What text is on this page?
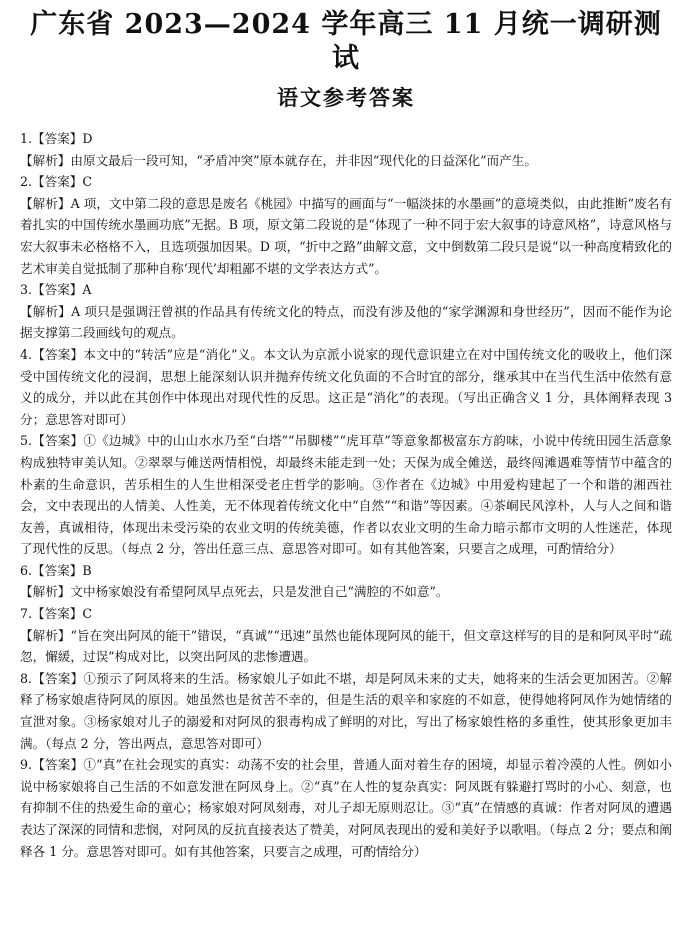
广东省 2023—2024 学年高三 11 月统一调研测试
语文参考答案

1.【答案】D

【解析】由原文最后一段可知，“矛盾冲突”原本就存在，并非因“现代化的日益深化”而产生。

2.【答案】C

【解析】A 项，文中第二段的意思是废名《桃园》中描写的画面与“一幅淡抹的水墨画”的意境类似，由此推断“废名有着扎实的中国传统水墨画功底”无据。B 项，原文第二段说的是“体现了一种不同于宏大叙事的诗意风格”，诗意风格与宏大叙事未必格格不入，且选项强加因果。D 项，“折中之路”曲解文意，文中倒数第二段只是说“以一种高度精致化的艺术审美自觉抵制了那种自称‘现代’却粗鄙不堪的文学表达方式”。

3.【答案】A

【解析】A 项只是强调汪曾祺的作品具有传统文化的特点，而没有涉及他的“家学渊源和身世经历”，因而不能作为论据支撑第二段画线句的观点。

4.【答案】本文中的“转活”应是“消化”义。本文认为京派小说家的现代意识建立在对中国传统文化的吸收上，他们深受中国传统文化的浸润，思想上能深刻认识并抛弃传统文化负面的不合时宜的部分，继承其中在当代生活中依然有意义的成分，并以此在其创作中体现出对现代性的反思。这正是“消化”的表现。（写出正确含义 1 分，具体阐释表现 3 分；意思答对即可）

5.【答案】①《边城》中的山山水水乃至“白塔”“吊脚楼”“虎耳草”等意象都极富东方韵味，小说中传统田园生活意象构成独特审美认知。②翠翠与傩送两情相悦，却最终未能走到一处；天保为成全傩送，最终闯滩遇难等情节中蕴含的朴素的生命意识，苦乐相生的人生世相深受老庄哲学的影响。③作者在《边城》中用爱构建起了一个和谐的湘西社会，文中表现出的人情美、人性美，无不体现着传统文化中“自然”“和谐”等因素。④茶峒民风淳朴，人与人之间和谐友善，真诚相待，体现出未受污染的农业文明的传统美德，作者以农业文明的生命力暗示都市文明的人性迷茫，体现了现代性的反思。（每点 2 分，答出任意三点、意思答对即可。如有其他答案，只要言之成理，可酌情给分）

6.【答案】B

【解析】文中杨家娘没有希望阿凤早点死去，只是发泄自己“满腔的不如意”。

7.【答案】C

【解析】“旨在突出阿凤的能干”错误，“真诚”“迅速”虽然也能体现阿凤的能干，但文章这样写的目的是和阿凤平时“疏忽，懈緩，过误”构成对比，以突出阿凤的悲惨遭遇。

8.【答案】①预示了阿凤将来的生活。杨家娘儿子如此不堪，却是阿凤未来的丈夫，她将来的生活会更加困苦。②解释了杨家娘虐待阿凤的原因。她虽然也是贫苦不幸的，但是生活的艰辛和家庭的不如意，使得她将阿凤作为她情绪的宣泄对象。③杨家娘对儿子的溺爱和对阿凤的狠毒构成了鲜明的对比，写出了杨家娘性格的多重性，使其形象更加丰满。（每点 2 分，答出两点，意思答对即可）

9.【答案】①“真”在社会现实的真实：动荡不安的社会里，普通人面对着生存的困境，却显示着冷漠的人性。例如小说中杨家娘将自己生活的不如意发泄在阿凤身上。②“真”在人性的复杂真实：阿凤既有躲避打骂时的小心、刻意，也有抑制不住的热爱生命的童心；杨家娘对阿凤刻毒，对儿子却无原则忍让。③“真”在情感的真诚：作者对阿凤的遭遇表达了深深的同情和悲悯，对阿凤的反抗直接表达了赞美，对阿凤表现出的爱和美好予以歌唱。（每点 2 分；要点和阐释各 1 分。意思答对即可。如有其他答案，只要言之成理，可酌情给分）
